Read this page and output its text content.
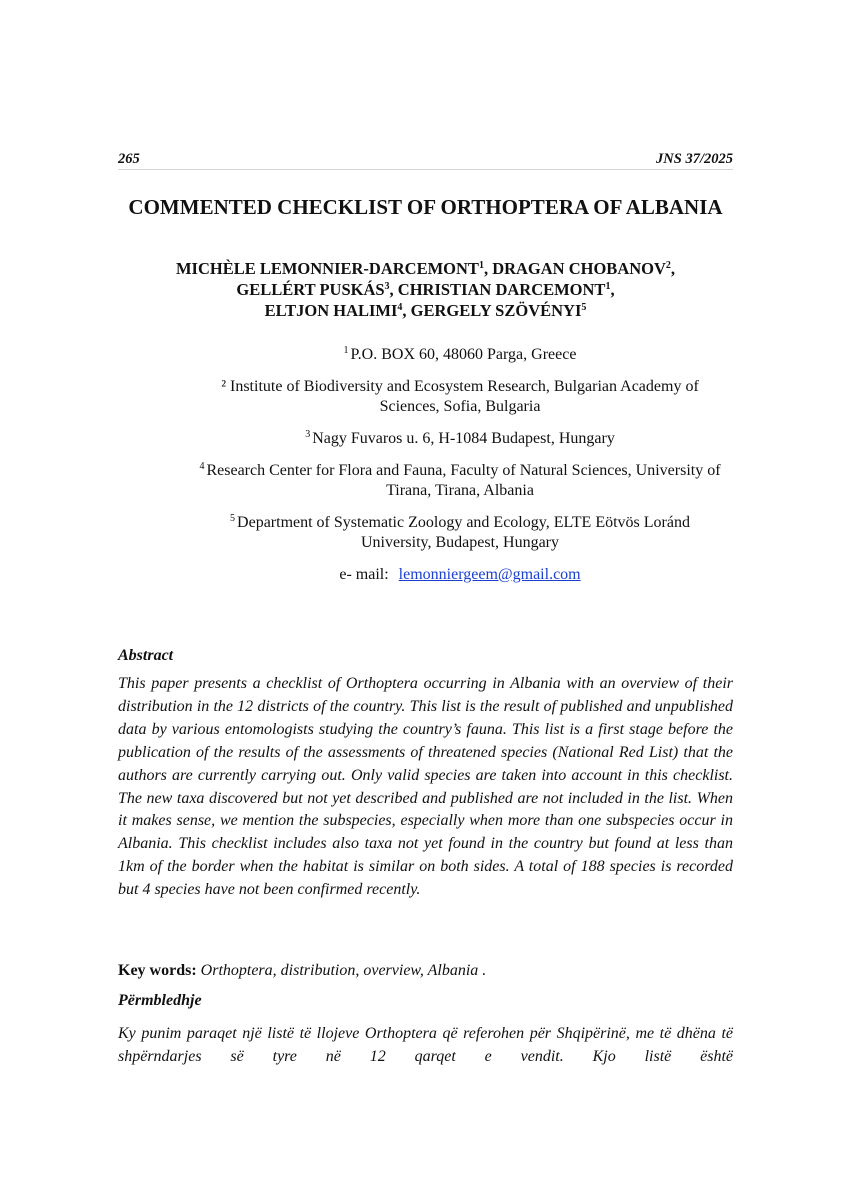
265	JNS 37/2025
COMMENTED CHECKLIST OF ORTHOPTERA OF ALBANIA
MICHÈLE LEMONNIER-DARCEMONT$^1$, DRAGAN CHOBANOV$^2$,
GELLÉRT PUSKÁS$^3$, CHRISTIAN DARCEMONT$^1$,
ELTJON HALIMI$^4$, GERGELY SZÖVÉNYI$^5$
$^1$ P.O. BOX 60, 48060 Parga, Greece
² Institute of Biodiversity and Ecosystem Research, Bulgarian Academy of Sciences, Sofia, Bulgaria
$^3$ Nagy Fuvaros u. 6, H-1084 Budapest, Hungary
$^4$ Research Center for Flora and Fauna, Faculty of Natural Sciences, University of Tirana, Tirana, Albania
$^5$ Department of Systematic Zoology and Ecology, ELTE Eötvös Loránd University, Budapest, Hungary
e- mail: lemonniergeem@gmail.com
Abstract
This paper presents a checklist of Orthoptera occurring in Albania with an overview of their distribution in the 12 districts of the country. This list is the result of published and unpublished data by various entomologists studying the country’s fauna. This list is a first stage before the publication of the results of the assessments of threatened species (National Red List) that the authors are currently carrying out. Only valid species are taken into account in this checklist. The new taxa discovered but not yet described and published are not included in the list. When it makes sense, we mention the subspecies, especially when more than one subspecies occur in Albania. This checklist includes also taxa not yet found in the country but found at less than 1km of the border when the habitat is similar on both sides. A total of 188 species is recorded but 4 species have not been confirmed recently.
Key words: Orthoptera, distribution, overview, Albania .
Përmbledhje
Ky punim paraqet një listë të llojeve Orthoptera që referohen për Shqipërinë, me të dhëna të shpërndarjes së tyre në 12 qarqet e vendit. Kjo listë është
